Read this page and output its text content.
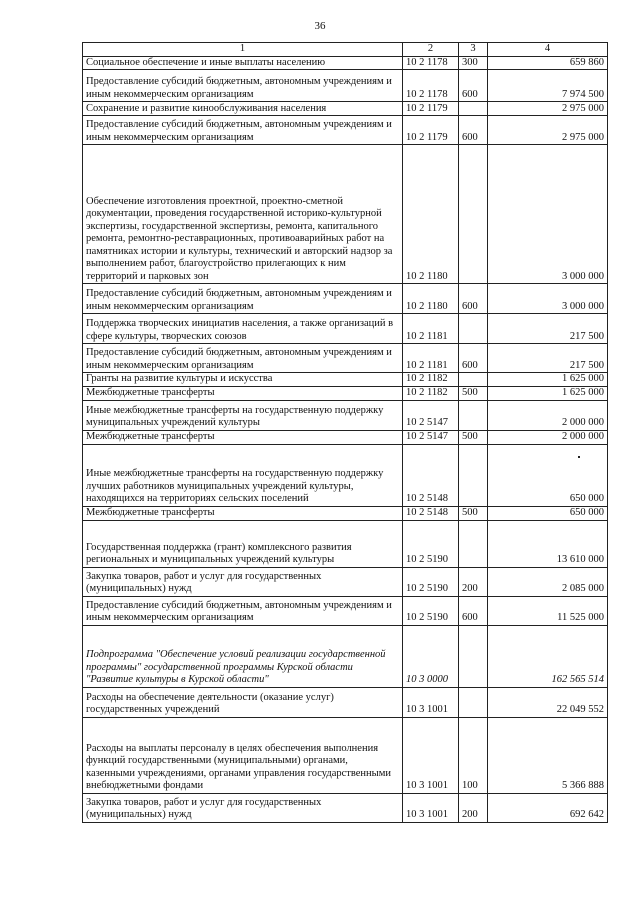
36
1	2	3	4
Социальное обеспечение и иные выплаты населению	10 2 1178	300	659 860
Предоставление субсидий бюджетным, автономным учреждениям и иным некоммерческим организациям	10 2 1178	600	7 974 500
Сохранение и развитие кинообслуживания населения	10 2 1179		2 975 000
Предоставление субсидий бюджетным, автономным учреждениям и иным некоммерческим организациям	10 2 1179	600	2 975 000
Обеспечение изготовления проектной, проектно-сметной документации, проведения государственной историко-культурной экспертизы, государственной экспертизы, ремонта, капитального ремонта, ремонтно-реставрационных, противоаварийных работ на памятниках истории и культуры, технический и авторский надзор за выполнением работ, благоустройство прилегающих к ним территорий и парковых зон	10 2 1180		3 000 000
Предоставление субсидий бюджетным, автономным учреждениям и иным некоммерческим организациям	10 2 1180	600	3 000 000
Поддержка творческих инициатив населения, а также организаций в сфере культуры, творческих союзов	10 2 1181		217 500
Предоставление субсидий бюджетным, автономным учреждениям и иным некоммерческим организациям	10 2 1181	600	217 500
Гранты на развитие культуры и искусства	10 2 1182		1 625 000
Межбюджетные трансферты	10 2 1182	500	1 625 000
Иные межбюджетные трансферты на государственную поддержку муниципальных учреждений культуры	10 2 5147		2 000 000
Межбюджетные трансферты	10 2 5147	500	2 000 000
Иные межбюджетные трансферты на государственную поддержку лучших работников муниципальных учреждений культуры, находящихся на территориях сельских поселений	10 2 5148		650 000
Межбюджетные трансферты	10 2 5148	500	650 000
Государственная поддержка (грант) комплексного развития региональных и муниципальных учреждений культуры	10 2 5190		13 610 000
Закупка товаров, работ и услуг для государственных (муниципальных) нужд	10 2 5190	200	2 085 000
Предоставление субсидий бюджетным, автономным учреждениям и иным некоммерческим организациям	10 2 5190	600	11 525 000
Подпрограмма "Обеспечение условий реализации государственной программы" государственной программы Курской области "Развитие культуры в Курской области"	10 3 0000		162 565 514
Расходы на обеспечение деятельности (оказание услуг) государственных учреждений	10 3 1001		22 049 552
Расходы на выплаты персоналу в целях обеспечения выполнения функций государственными (муниципальными) органами, казенными учреждениями, органами управления государственными внебюджетными фондами	10 3 1001	100	5 366 888
Закупка товаров, работ и услуг для государственных (муниципальных) нужд	10 3 1001	200	692 642
